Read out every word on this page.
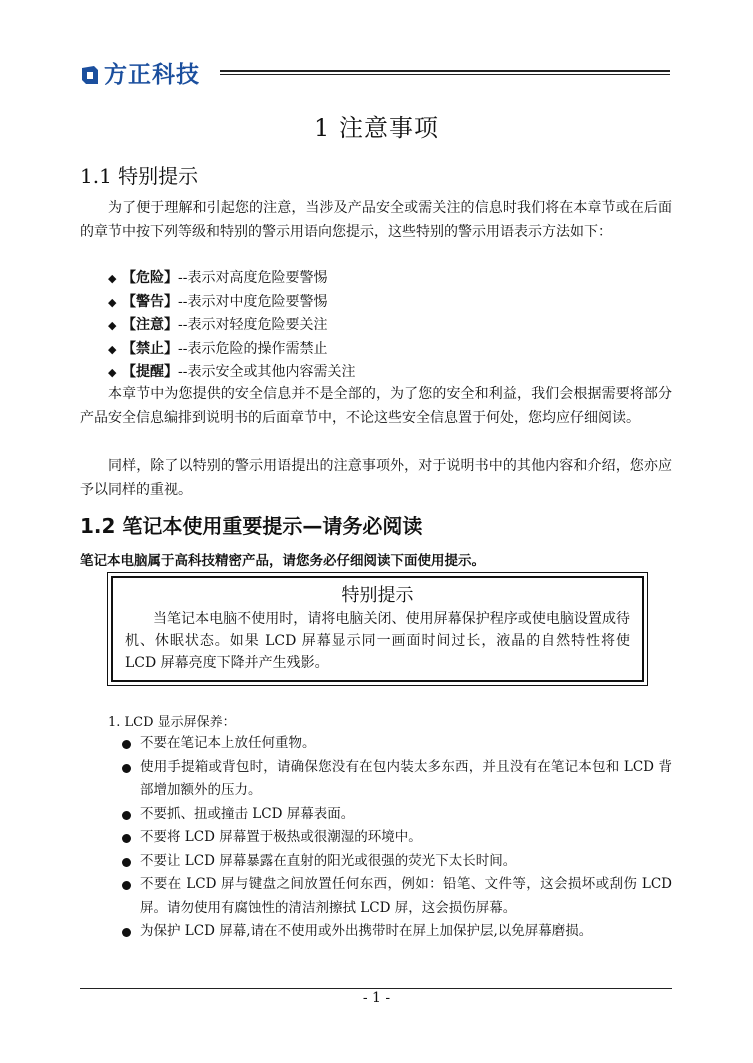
方正科技
1 注意事项
1.1 特别提示

为了便于理解和引起您的注意，当涉及产品安全或需关注的信息时我们将在本章节或在后面的章节中按下列等级和特别的警示用语向您提示，这些特别的警示用语表示方法如下：

◆ 【危险】--表示对高度危险要警惕
◆ 【警告】--表示对中度危险要警惕
◆ 【注意】--表示对轻度危险要关注
◆ 【禁止】--表示危险的操作需禁止
◆ 【提醒】--表示安全或其他内容需关注

本章节中为您提供的安全信息并不是全部的，为了您的安全和利益，我们会根据需要将部分产品安全信息编排到说明书的后面章节中，不论这些安全信息置于何处，您均应仔细阅读。

同样，除了以特别的警示用语提出的注意事项外，对于说明书中的其他内容和介绍，您亦应予以同样的重视。

1.2 笔记本使用重要提示—请务必阅读
笔记本电脑属于高科技精密产品，请您务必仔细阅读下面使用提示。
特别提示

当笔记本电脑不使用时，请将电脑关闭、使用屏幕保护程序或使电脑设置成待机、休眠状态。如果 LCD 屏幕显示同一画面时间过长，液晶的自然特性将使 LCD 屏幕亮度下降并产生残影。

1. LCD 显示屏保养：
不要在笔记本上放任何重物。
使用手提箱或背包时，请确保您没有在包内装太多东西，并且没有在笔记本包和 LCD 背部增加额外的压力。
不要抓、扭或撞击 LCD 屏幕表面。
不要将 LCD 屏幕置于极热或很潮湿的环境中。
不要让 LCD 屏幕暴露在直射的阳光或很强的荧光下太长时间。
不要在 LCD 屏与键盘之间放置任何东西，例如：铅笔、文件等，这会损坏或刮伤 LCD 屏。请勿使用有腐蚀性的清洁剂擦拭 LCD 屏，这会损伤屏幕。
为保护 LCD 屏幕,请在不使用或外出携带时在屏上加保护层,以免屏幕磨损。
- 1 -
